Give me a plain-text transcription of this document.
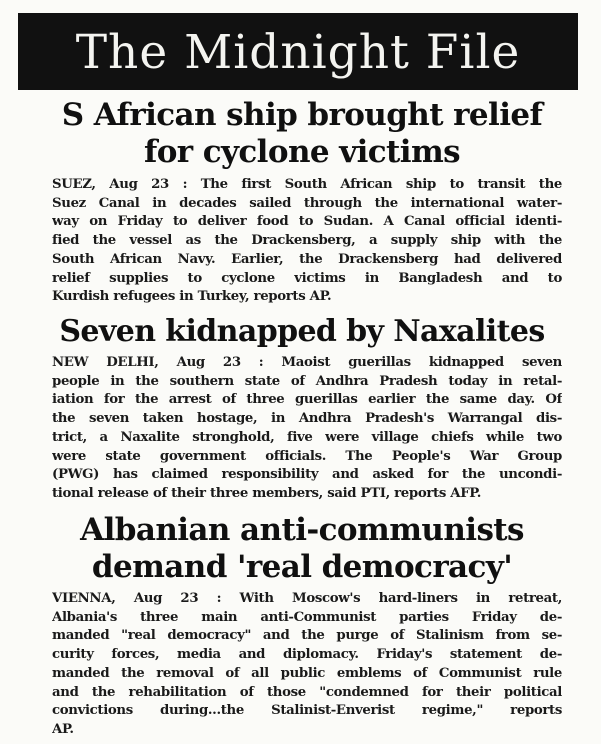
The Midnight File
S African ship brought relief
for cyclone victims
SUEZ, Aug 23 : The first South African ship to transit the
Suez Canal in decades sailed through the international water-
way on Friday to deliver food to Sudan. A Canal official identi-
fied the vessel as the Drackensberg, a supply ship with the
South African Navy. Earlier, the Drackensberg had delivered
relief supplies to cyclone victims in Bangladesh and to
Kurdish refugees in Turkey, reports AP.
Seven kidnapped by Naxalites
NEW DELHI, Aug 23 : Maoist guerillas kidnapped seven
people in the southern state of Andhra Pradesh today in retal-
iation for the arrest of three guerillas earlier the same day. Of
the seven taken hostage, in Andhra Pradesh's Warrangal dis-
trict, a Naxalite stronghold, five were village chiefs while two
were state government officials. The People's War Group
(PWG) has claimed responsibility and asked for the uncondi-
tional release of their three members, said PTI, reports AFP.
Albanian anti-communists
demand 'real democracy'
VIENNA, Aug 23 : With Moscow's hard-liners in retreat,
Albania's three main anti-Communist parties Friday de-
manded "real democracy" and the purge of Stalinism from se-
curity forces, media and diplomacy. Friday's statement de-
manded the removal of all public emblems of Communist rule
and the rehabilitation of those "condemned for their political
convictions during...the Stalinist-Enverist regime," reports
AP.
